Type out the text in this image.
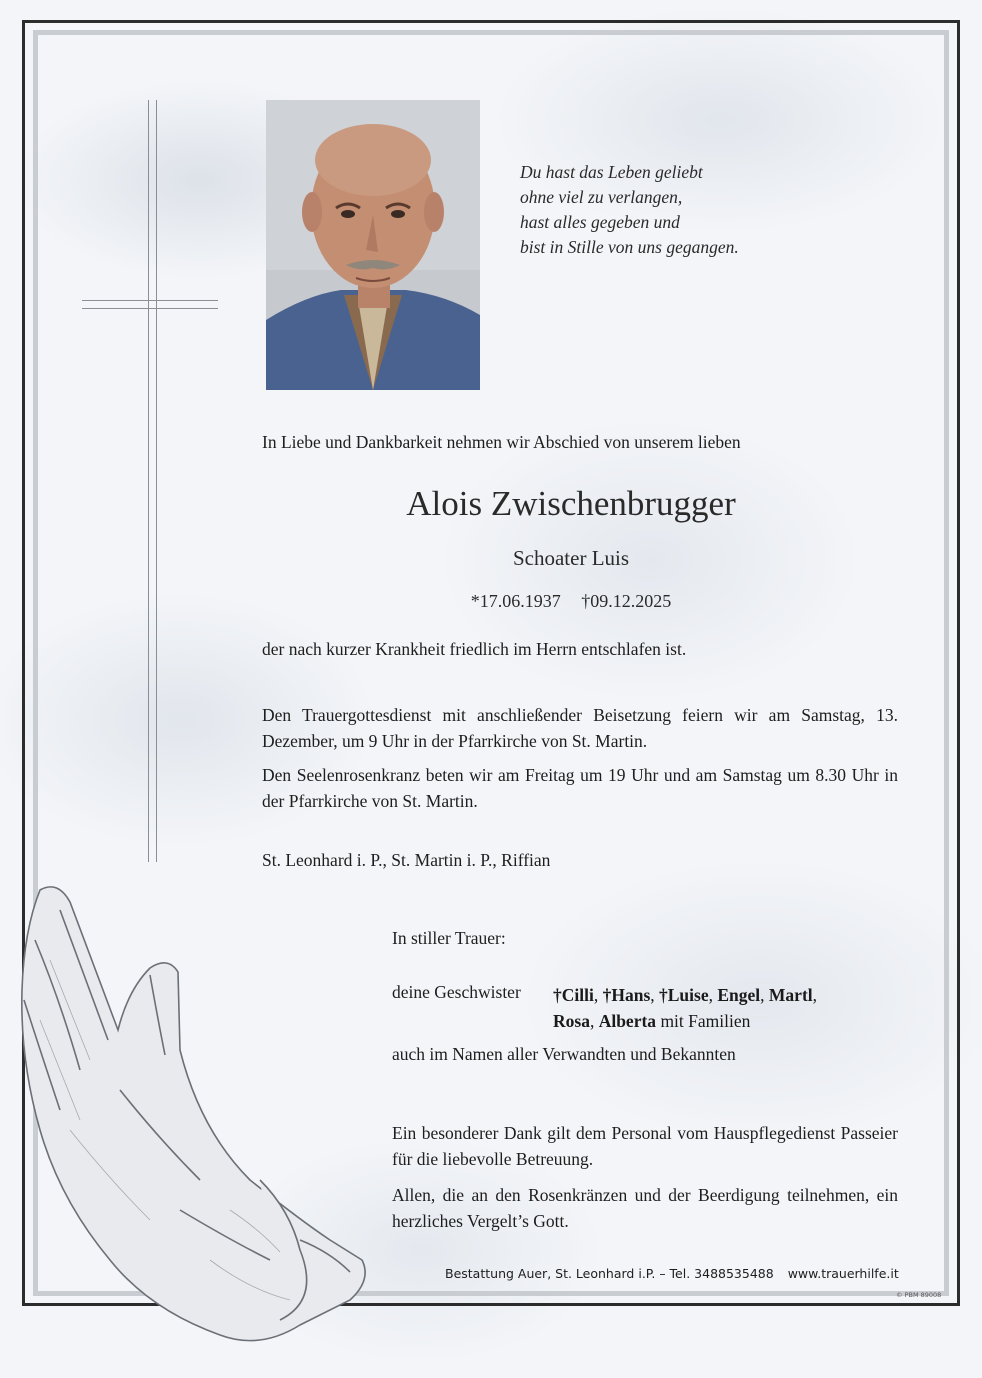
Du hast das Leben geliebt
ohne viel zu verlangen,
hast alles gegeben und
bist in Stille von uns gegangen.
In Liebe und Dankbarkeit nehmen wir Abschied von unserem lieben
Alois Zwischenbrugger
Schoater Luis
*17.06.1937 †09.12.2025
der nach kurzer Krankheit friedlich im Herrn entschlafen ist.
Den Trauergottesdienst mit anschließender Beisetzung feiern wir am Samstag, 13. Dezember, um 9 Uhr in der Pfarrkirche von St. Martin.
Den Seelenrosenkranz beten wir am Freitag um 19 Uhr und am Samstag um 8.30 Uhr in der Pfarrkirche von St. Martin.
St. Leonhard i. P., St. Martin i. P., Riffian
In stiller Trauer:
deine Geschwister †Cilli, †Hans, †Luise, Engel, Martl,
Rosa, Alberta mit Familien
auch im Namen aller Verwandten und Bekannten
Ein besonderer Dank gilt dem Personal vom Hauspflegedienst Passeier für die liebevolle Betreuung.
Allen, die an den Rosenkränzen und der Beerdigung teilnehmen, ein herzliches Vergelt’s Gott.
Bestattung Auer, St. Leonhard i.P. – Tel. 3488535488 www.trauerhilfe.it
© PBM 89008
